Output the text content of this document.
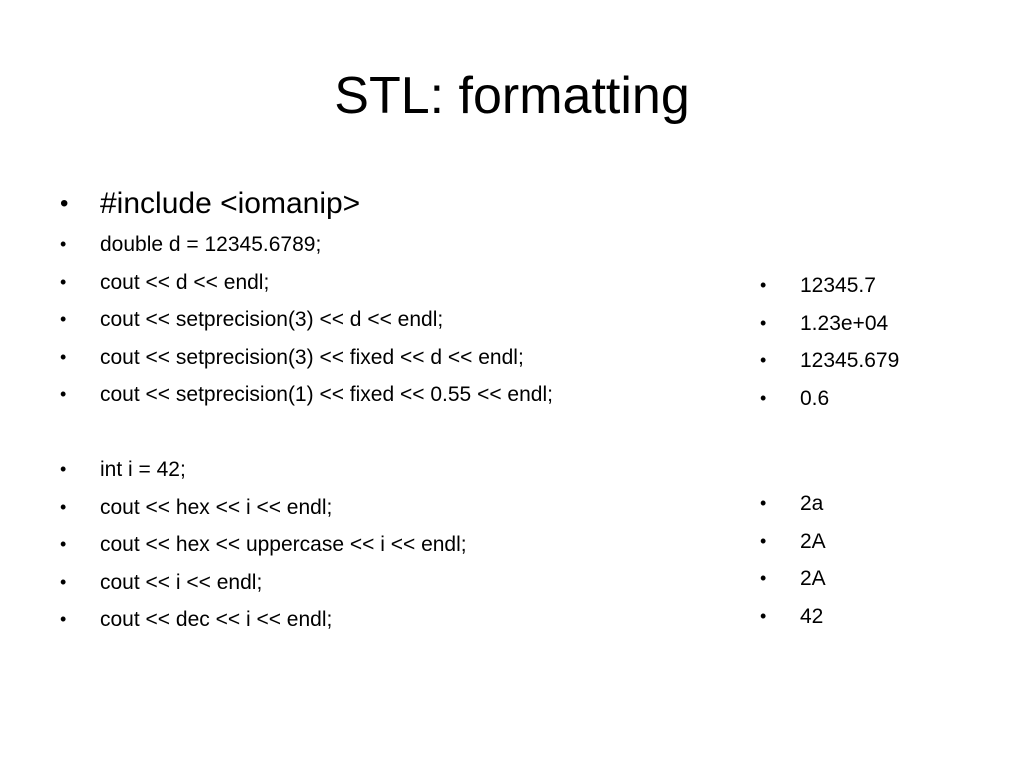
STL: formatting
•	#include <iomanip>
•	double d = 12345.6789;
•	cout << d << endl;
•	cout << setprecision(3) << d << endl;
•	cout << setprecision(3) << fixed << d << endl;
•	cout << setprecision(1) << fixed << 0.55 << endl;
•	int i = 42;
•	cout << hex << i << endl;
•	cout << hex << uppercase << i << endl;
•	cout << i << endl;
•	cout << dec << i << endl;
•	12345.7
•	1.23e+04
•	12345.679
•	0.6
•	2a
•	2A
•	2A
•	42
